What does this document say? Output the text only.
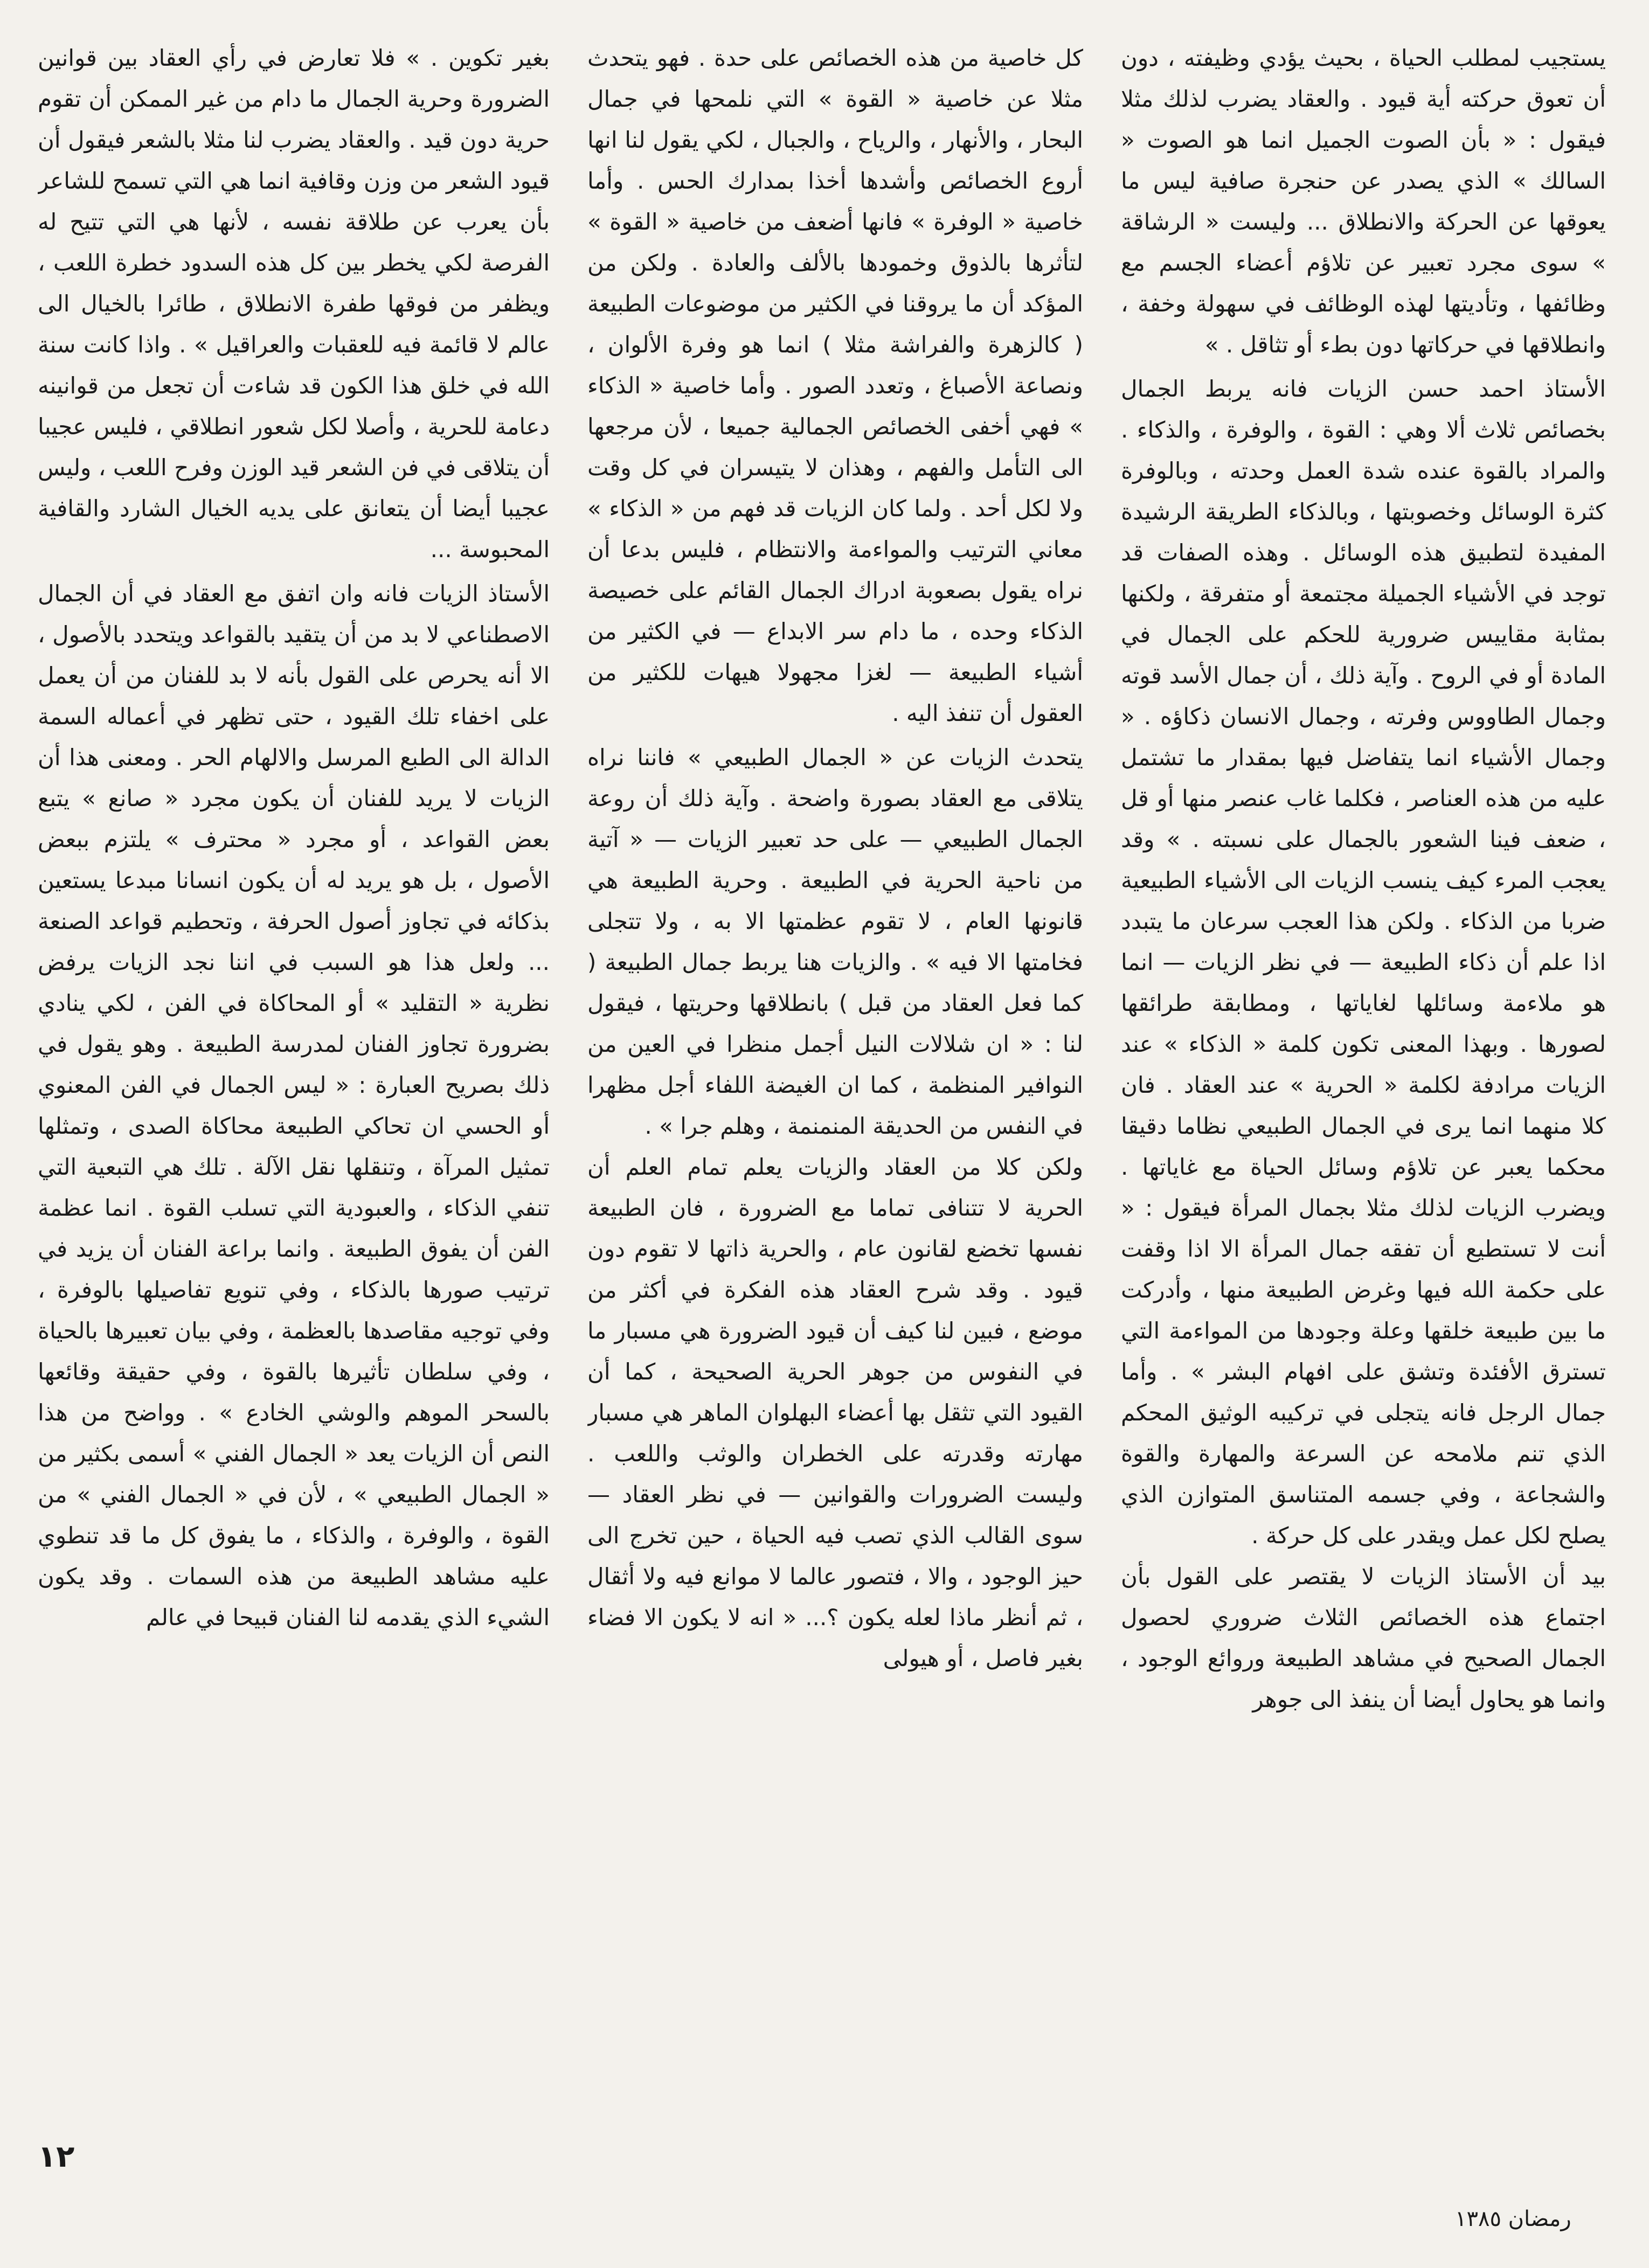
يستجيب لمطلب الحياة ، بحيث يؤدي وظيفته ، دون أن تعوق حركته أية قيود . والعقاد يضرب لذلك مثلا فيقول : « بأن الصوت الجميل انما هو الصوت « السالك » الذي يصدر عن حنجرة صافية ليس ما يعوقها عن الحركة والانطلاق ... وليست « الرشاقة » سوى مجرد تعبير عن تلاؤم أعضاء الجسم مع وظائفها ، وتأديتها لهذه الوظائف في سهولة وخفة ، وانطلاقها في حركاتها دون بطء أو تثاقل . »

الأستاذ احمد حسن الزيات فانه يربط الجمال بخصائص ثلاث ألا وهي : القوة ، والوفرة ، والذكاء . والمراد بالقوة عنده شدة العمل وحدته ، وبالوفرة كثرة الوسائل وخصوبتها ، وبالذكاء الطريقة الرشيدة المفيدة لتطبيق هذه الوسائل . وهذه الصفات قد توجد في الأشياء الجميلة مجتمعة أو متفرقة ، ولكنها بمثابة مقاييس ضرورية للحكم على الجمال في المادة أو في الروح . وآية ذلك ، أن جمال الأسد قوته وجمال الطاووس وفرته ، وجمال الانسان ذكاؤه . « وجمال الأشياء انما يتفاضل فيها بمقدار ما تشتمل عليه من هذه العناصر ، فكلما غاب عنصر منها أو قل ، ضعف فينا الشعور بالجمال على نسبته . » وقد يعجب المرء كيف ينسب الزيات الى الأشياء الطبيعية ضربا من الذكاء . ولكن هذا العجب سرعان ما يتبدد اذا علم أن ذكاء الطبيعة — في نظر الزيات — انما هو ملاءمة وسائلها لغاياتها ، ومطابقة طرائقها لصورها . وبهذا المعنى تكون كلمة « الذكاء » عند الزيات مرادفة لكلمة « الحرية » عند العقاد . فان كلا منهما انما يرى في الجمال الطبيعي نظاما دقيقا محكما يعبر عن تلاؤم وسائل الحياة مع غاياتها . ويضرب الزيات لذلك مثلا بجمال المرأة فيقول : « أنت لا تستطيع أن تفقه جمال المرأة الا اذا وقفت على حكمة الله فيها وغرض الطبيعة منها ، وأدركت ما بين طبيعة خلقها وعلة وجودها من المواءمة التي تسترق الأفئدة وتشق على افهام البشر » . وأما جمال الرجل فانه يتجلى في تركيبه الوثيق المحكم الذي تنم ملامحه عن السرعة والمهارة والقوة والشجاعة ، وفي جسمه المتناسق المتوازن الذي يصلح لكل عمل ويقدر على كل حركة .

بيد أن الأستاذ الزيات لا يقتصر على القول بأن اجتماع هذه الخصائص الثلاث ضروري لحصول الجمال الصحيح في مشاهد الطبيعة وروائع الوجود ، وانما هو يحاول أيضا أن ينفذ الى جوهر

كل خاصية من هذه الخصائص على حدة . فهو يتحدث مثلا عن خاصية « القوة » التي نلمحها في جمال البحار ، والأنهار ، والرياح ، والجبال ، لكي يقول لنا انها أروع الخصائص وأشدها أخذا بمدارك الحس . وأما خاصية « الوفرة » فانها أضعف من خاصية « القوة » لتأثرها بالذوق وخمودها بالألف والعادة . ولكن من المؤكد أن ما يروقنا في الكثير من موضوعات الطبيعة ( كالزهرة والفراشة مثلا ) انما هو وفرة الألوان ، ونصاعة الأصباغ ، وتعدد الصور . وأما خاصية « الذكاء » فهي أخفى الخصائص الجمالية جميعا ، لأن مرجعها الى التأمل والفهم ، وهذان لا يتيسران في كل وقت ولا لكل أحد . ولما كان الزيات قد فهم من « الذكاء » معاني الترتيب والمواءمة والانتظام ، فليس بدعا أن نراه يقول بصعوبة ادراك الجمال القائم على خصيصة الذكاء وحده ، ما دام سر الابداع — في الكثير من أشياء الطبيعة — لغزا مجهولا هيهات للكثير من العقول أن تنفذ اليه .

يتحدث الزيات عن « الجمال الطبيعي » فاننا نراه يتلاقى مع العقاد بصورة واضحة . وآية ذلك أن روعة الجمال الطبيعي — على حد تعبير الزيات — « آتية من ناحية الحرية في الطبيعة . وحرية الطبيعة هي قانونها العام ، لا تقوم عظمتها الا به ، ولا تتجلى فخامتها الا فيه » . والزيات هنا يربط جمال الطبيعة ( كما فعل العقاد من قبل ) بانطلاقها وحريتها ، فيقول لنا : « ان شلالات النيل أجمل منظرا في العين من النوافير المنظمة ، كما ان الغيضة اللفاء أجل مظهرا في النفس من الحديقة المنمنمة ، وهلم جرا » .

ولكن كلا من العقاد والزيات يعلم تمام العلم أن الحرية لا تتنافى تماما مع الضرورة ، فان الطبيعة نفسها تخضع لقانون عام ، والحرية ذاتها لا تقوم دون قيود . وقد شرح العقاد هذه الفكرة في أكثر من موضع ، فبين لنا كيف أن قيود الضرورة هي مسبار ما في النفوس من جوهر الحرية الصحيحة ، كما أن القيود التي تثقل بها أعضاء البهلوان الماهر هي مسبار مهارته وقدرته على الخطران والوثب واللعب . وليست الضرورات والقوانين — في نظر العقاد — سوى القالب الذي تصب فيه الحياة ، حين تخرج الى حيز الوجود ، والا ، فتصور عالما لا موانع فيه ولا أثقال ، ثم أنظر ماذا لعله يكون ؟... « انه لا يكون الا فضاء بغير فاصل ، أو هيولى

بغير تكوين . » فلا تعارض في رأي العقاد بين قوانين الضرورة وحرية الجمال ما دام من غير الممكن أن تقوم حرية دون قيد . والعقاد يضرب لنا مثلا بالشعر فيقول أن قيود الشعر من وزن وقافية انما هي التي تسمح للشاعر بأن يعرب عن طلاقة نفسه ، لأنها هي التي تتيح له الفرصة لكي يخطر بين كل هذه السدود خطرة اللعب ، ويظفر من فوقها طفرة الانطلاق ، طائرا بالخيال الى عالم لا قائمة فيه للعقبات والعراقيل » . واذا كانت سنة الله في خلق هذا الكون قد شاءت أن تجعل من قوانينه دعامة للحرية ، وأصلا لكل شعور انطلاقي ، فليس عجيبا أن يتلاقى في فن الشعر قيد الوزن وفرح اللعب ، وليس عجيبا أيضا أن يتعانق على يديه الخيال الشارد والقافية المحبوسة ...

الأستاذ الزيات فانه وان اتفق مع العقاد في أن الجمال الاصطناعي لا بد من أن يتقيد بالقواعد ويتحدد بالأصول ، الا أنه يحرص على القول بأنه لا بد للفنان من أن يعمل على اخفاء تلك القيود ، حتى تظهر في أعماله السمة الدالة الى الطبع المرسل والالهام الحر . ومعنى هذا أن الزيات لا يريد للفنان أن يكون مجرد « صانع » يتبع بعض القواعد ، أو مجرد « محترف » يلتزم ببعض الأصول ، بل هو يريد له أن يكون انسانا مبدعا يستعين بذكائه في تجاوز أصول الحرفة ، وتحطيم قواعد الصنعة ... ولعل هذا هو السبب في اننا نجد الزيات يرفض نظرية « التقليد » أو المحاكاة في الفن ، لكي ينادي بضرورة تجاوز الفنان لمدرسة الطبيعة . وهو يقول في ذلك بصريح العبارة : « ليس الجمال في الفن المعنوي أو الحسي ان تحاكي الطبيعة محاكاة الصدى ، وتمثلها تمثيل المرآة ، وتنقلها نقل الآلة . تلك هي التبعية التي تنفي الذكاء ، والعبودية التي تسلب القوة . انما عظمة الفن أن يفوق الطبيعة . وانما براعة الفنان أن يزيد في ترتيب صورها بالذكاء ، وفي تنويع تفاصيلها بالوفرة ، وفي توجيه مقاصدها بالعظمة ، وفي بيان تعبيرها بالحياة ، وفي سلطان تأثيرها بالقوة ، وفي حقيقة وقائعها بالسحر الموهم والوشي الخادع » . وواضح من هذا النص أن الزيات يعد « الجمال الفني » أسمى بكثير من « الجمال الطبيعي » ، لأن في « الجمال الفني » من القوة ، والوفرة ، والذكاء ، ما يفوق كل ما قد تنطوي عليه مشاهد الطبيعة من هذه السمات . وقد يكون الشيء الذي يقدمه لنا الفنان قبيحا في عالم
١٢
رمضان ١٣٨٥
